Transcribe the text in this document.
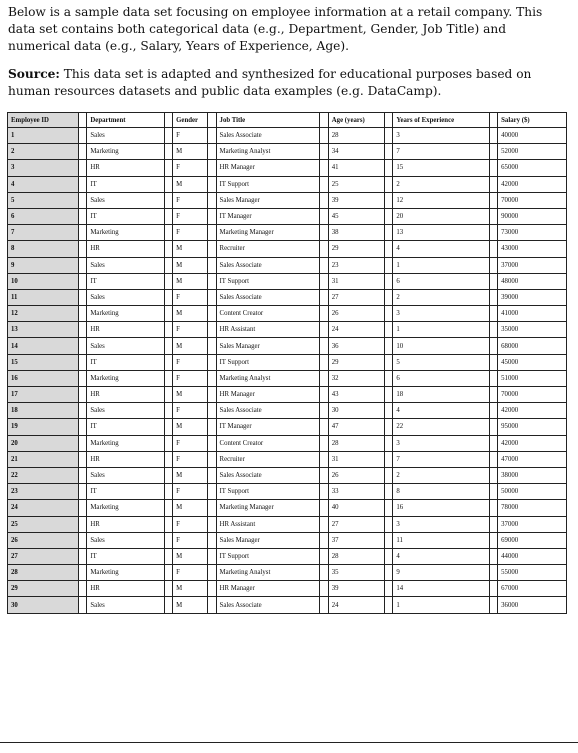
Below is a sample data set focusing on employee information at a retail company. This data set contains both categorical data (e.g., Department, Gender, Job Title) and numerical data (e.g., Salary, Years of Experience, Age).
Source: This data set is adapted and synthesized for educational purposes based on human resources datasets and public data examples (e.g. DataCamp).
Employee ID		Department		Gender		Job Title		Age (years)		Years of Experience		Salary ($)
1		Sales		F		Sales Associate		28		3		40000
2		Marketing		M		Marketing Analyst		34		7		52000
3		HR		F		HR Manager		41		15		65000
4		IT		M		IT Support		25		2		42000
5		Sales		F		Sales Manager		39		12		70000
6		IT		F		IT Manager		45		20		90000
7		Marketing		F		Marketing Manager		38		13		73000
8		HR		M		Recruiter		29		4		43000
9		Sales		M		Sales Associate		23		1		37000
10		IT		M		IT Support		31		6		48000
11		Sales		F		Sales Associate		27		2		39000
12		Marketing		M		Content Creator		26		3		41000
13		HR		F		HR Assistant		24		1		35000
14		Sales		M		Sales Manager		36		10		68000
15		IT		F		IT Support		29		5		45000
16		Marketing		F		Marketing Analyst		32		6		51000
17		HR		M		HR Manager		43		18		70000
18		Sales		F		Sales Associate		30		4		42000
19		IT		M		IT Manager		47		22		95000
20		Marketing		F		Content Creator		28		3		42000
21		HR		F		Recruiter		31		7		47000
22		Sales		M		Sales Associate		26		2		38000
23		IT		F		IT Support		33		8		50000
24		Marketing		M		Marketing Manager		40		16		78000
25		HR		F		HR Assistant		27		3		37000
26		Sales		F		Sales Manager		37		11		69000
27		IT		M		IT Support		28		4		44000
28		Marketing		F		Marketing Analyst		35		9		55000
29		HR		M		HR Manager		39		14		67000
30		Sales		M		Sales Associate		24		1		36000
